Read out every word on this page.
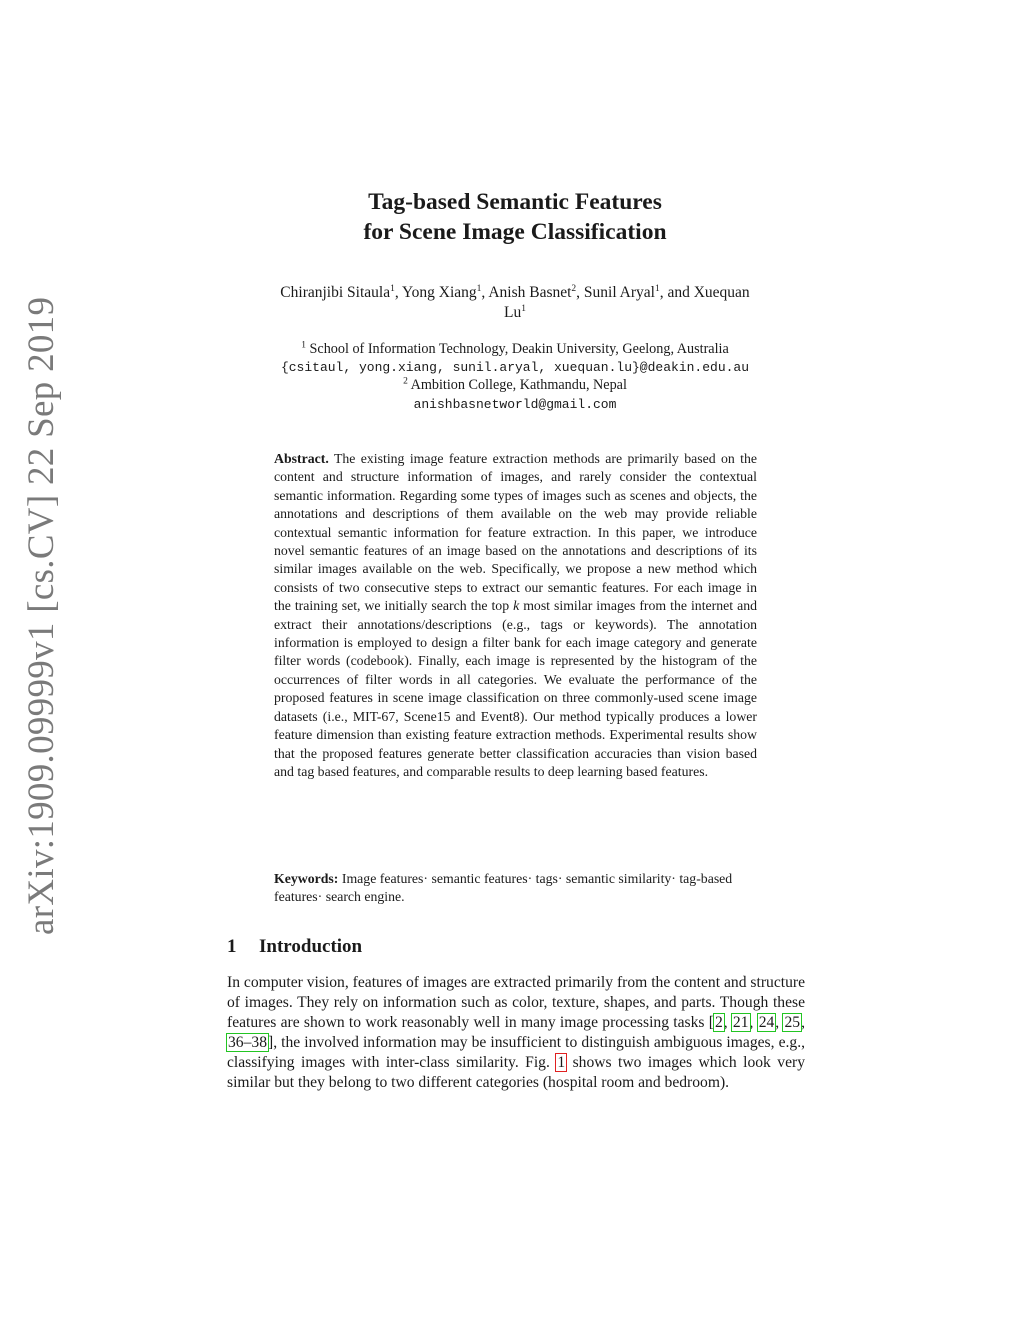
arXiv:1909.09999v1 [cs.CV] 22 Sep 2019
Tag-based Semantic Features
for Scene Image Classification
Chiranjibi Sitaula$^1$, Yong Xiang$^1$, Anish Basnet$^2$, Sunil Aryal$^1$, and Xuequan
Lu$^1$
$^1$ School of Information Technology, Deakin University, Geelong, Australia
{csitaul, yong.xiang, sunil.aryal, xuequan.lu}@deakin.edu.au
$^2$ Ambition College, Kathmandu, Nepal
anishbasnetworld@gmail.com
Abstract. The existing image feature extraction methods are primarily based on the content and structure information of images, and rarely consider the contextual semantic information. Regarding some types of images such as scenes and objects, the annotations and descriptions of them available on the web may provide reliable contextual semantic information for feature extraction. In this paper, we introduce novel semantic features of an image based on the annotations and descriptions of its similar images available on the web. Specifically, we propose a new method which consists of two consecutive steps to extract our semantic features. For each image in the training set, we initially search the top k most similar images from the internet and extract their annotations/descriptions (e.g., tags or keywords). The annotation information is employed to design a filter bank for each image category and generate filter words (codebook). Finally, each image is represented by the histogram of the occurrences of filter words in all categories. We evaluate the performance of the proposed features in scene image classification on three commonly-used scene image datasets (i.e., MIT-67, Scene15 and Event8). Our method typically produces a lower feature dimension than existing feature extraction methods. Experimental results show that the proposed features generate better classification accuracies than vision based and tag based features, and comparable results to deep learning based features.
Keywords: Image features· semantic features· tags· semantic similarity· tag-based features· search engine.
1 Introduction
In computer vision, features of images are extracted primarily from the content and structure of images. They rely on information such as color, texture, shapes, and parts. Though these features are shown to work reasonably well in many image processing tasks [2, 21, 24, 25, 36–38], the involved information may be insufficient to distinguish ambiguous images, e.g., classifying images with inter-class similarity. Fig. 1 shows two images which look very similar but they belong to two different categories (hospital room and bedroom).
